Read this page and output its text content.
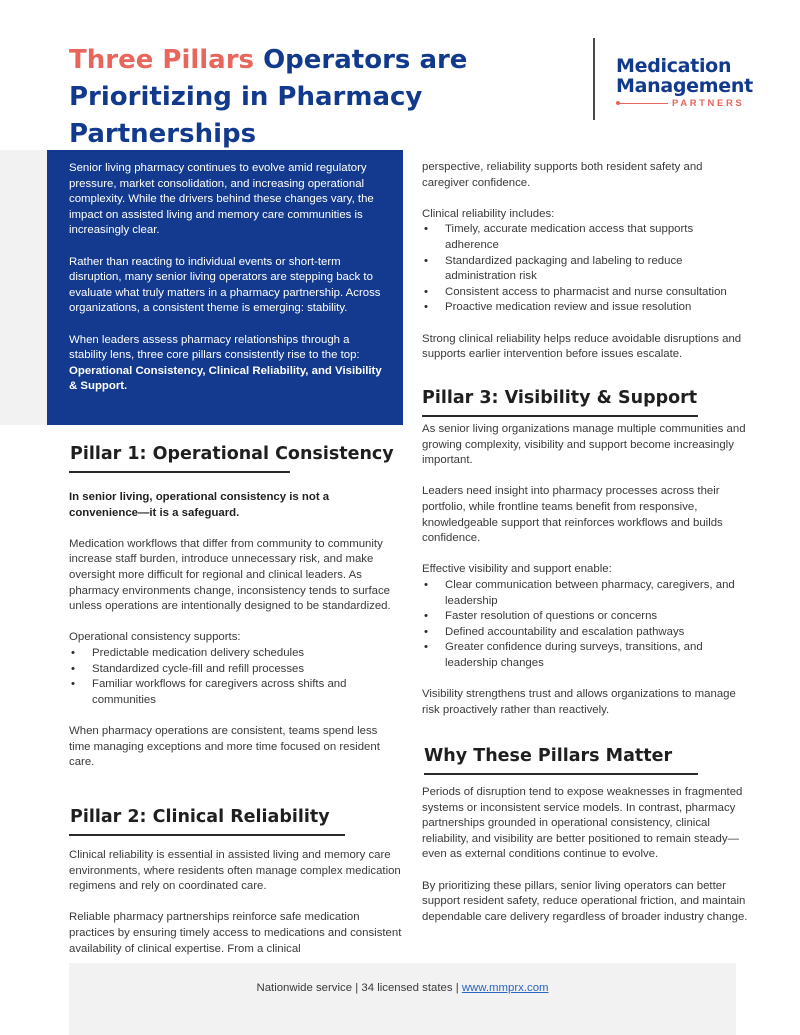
Three Pillars Operators are Prioritizing in Pharmacy Partnerships
Medication
Management
PARTNERS

Senior living pharmacy continues to evolve amid regulatory pressure, market consolidation, and increasing operational complexity. While the drivers behind these changes vary, the impact on assisted living and memory care communities is increasingly clear.

Rather than reacting to individual events or short-term disruption, many senior living operators are stepping back to evaluate what truly matters in a pharmacy partnership. Across organizations, a consistent theme is emerging: stability.

When leaders assess pharmacy relationships through a stability lens, three core pillars consistently rise to the top: Operational Consistency, Clinical Reliability, and Visibility & Support.

Pillar 1: Operational Consistency

In senior living, operational consistency is not a convenience—it is a safeguard.

Medication workflows that differ from community to community increase staff burden, introduce unnecessary risk, and make oversight more difficult for regional and clinical leaders. As pharmacy environments change, inconsistency tends to surface unless operations are intentionally designed to be standardized.

Operational consistency supports:

• Predictable medication delivery schedules
• Standardized cycle-fill and refill processes
• Familiar workflows for caregivers across shifts and communities

When pharmacy operations are consistent, teams spend less time managing exceptions and more time focused on resident care.

Pillar 2: Clinical Reliability

Clinical reliability is essential in assisted living and memory care environments, where residents often manage complex medication regimens and rely on coordinated care.

Reliable pharmacy partnerships reinforce safe medication practices by ensuring timely access to medications and consistent availability of clinical expertise. From a clinical

perspective, reliability supports both resident safety and caregiver confidence.

Clinical reliability includes:

• Timely, accurate medication access that supports adherence
• Standardized packaging and labeling to reduce administration risk
• Consistent access to pharmacist and nurse consultation
• Proactive medication review and issue resolution

Strong clinical reliability helps reduce avoidable disruptions and supports earlier intervention before issues escalate.

Pillar 3: Visibility & Support

As senior living organizations manage multiple communities and growing complexity, visibility and support become increasingly important.

Leaders need insight into pharmacy processes across their portfolio, while frontline teams benefit from responsive, knowledgeable support that reinforces workflows and builds confidence.

Effective visibility and support enable:

• Clear communication between pharmacy, caregivers, and leadership
• Faster resolution of questions or concerns
• Defined accountability and escalation pathways
• Greater confidence during surveys, transitions, and leadership changes

Visibility strengthens trust and allows organizations to manage risk proactively rather than reactively.

Why These Pillars Matter

Periods of disruption tend to expose weaknesses in fragmented systems or inconsistent service models. In contrast, pharmacy partnerships grounded in operational consistency, clinical reliability, and visibility are better positioned to remain steady—even as external conditions continue to evolve.

By prioritizing these pillars, senior living operators can better support resident safety, reduce operational friction, and maintain dependable care delivery regardless of broader industry change.

Nationwide service | 34 licensed states | www.mmprx.com
